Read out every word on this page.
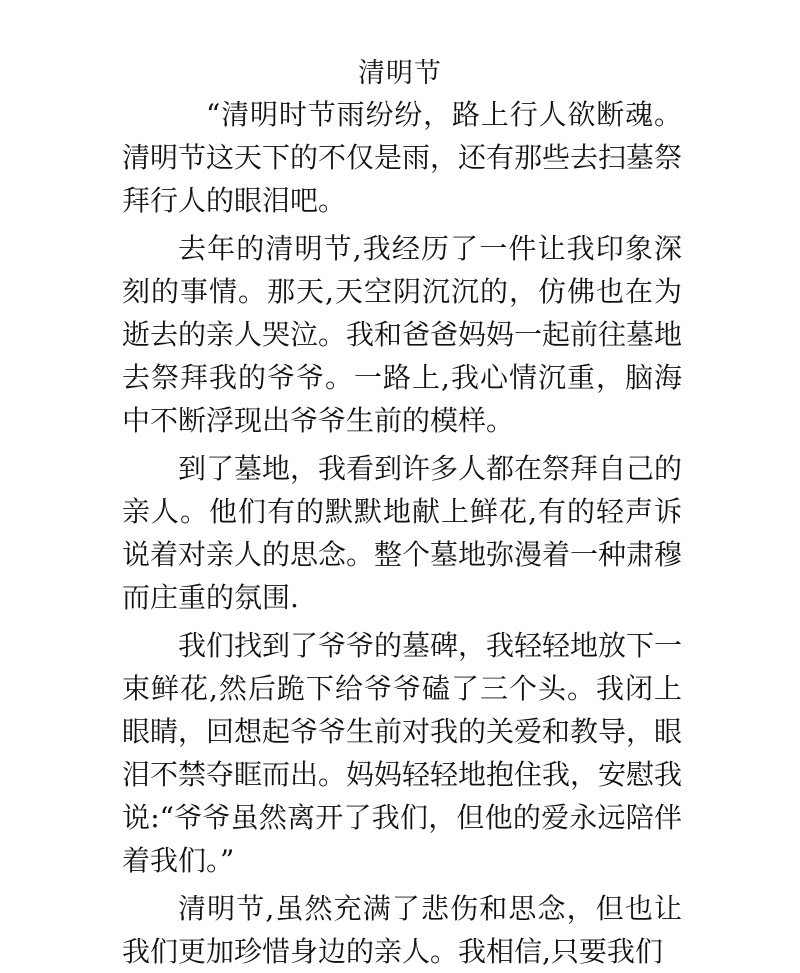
清明节

“清明时节雨纷纷，路上行人欲断魂。清明节这天下的不仅是雨，还有那些去扫墓祭拜行人的眼泪吧。

去年的清明节,我经历了一件让我印象深刻的事情。那天,天空阴沉沉的，仿佛也在为逝去的亲人哭泣。我和爸爸妈妈一起前往墓地去祭拜我的爷爷。一路上,我心情沉重，脑海中不断浮现出爷爷生前的模样。

到了墓地，我看到许多人都在祭拜自己的亲人。他们有的默默地献上鲜花,有的轻声诉说着对亲人的思念。整个墓地弥漫着一种肃穆而庄重的氛围.

我们找到了爷爷的墓碑，我轻轻地放下一束鲜花,然后跪下给爷爷磕了三个头。我闭上眼睛，回想起爷爷生前对我的关爱和教导，眼泪不禁夺眶而出。妈妈轻轻地抱住我，安慰我说:“爷爷虽然离开了我们，但他的爱永远陪伴着我们。”

清明节,虽然充满了悲伤和思念，但也让我们更加珍惜身边的亲人。我相信,只要我们
